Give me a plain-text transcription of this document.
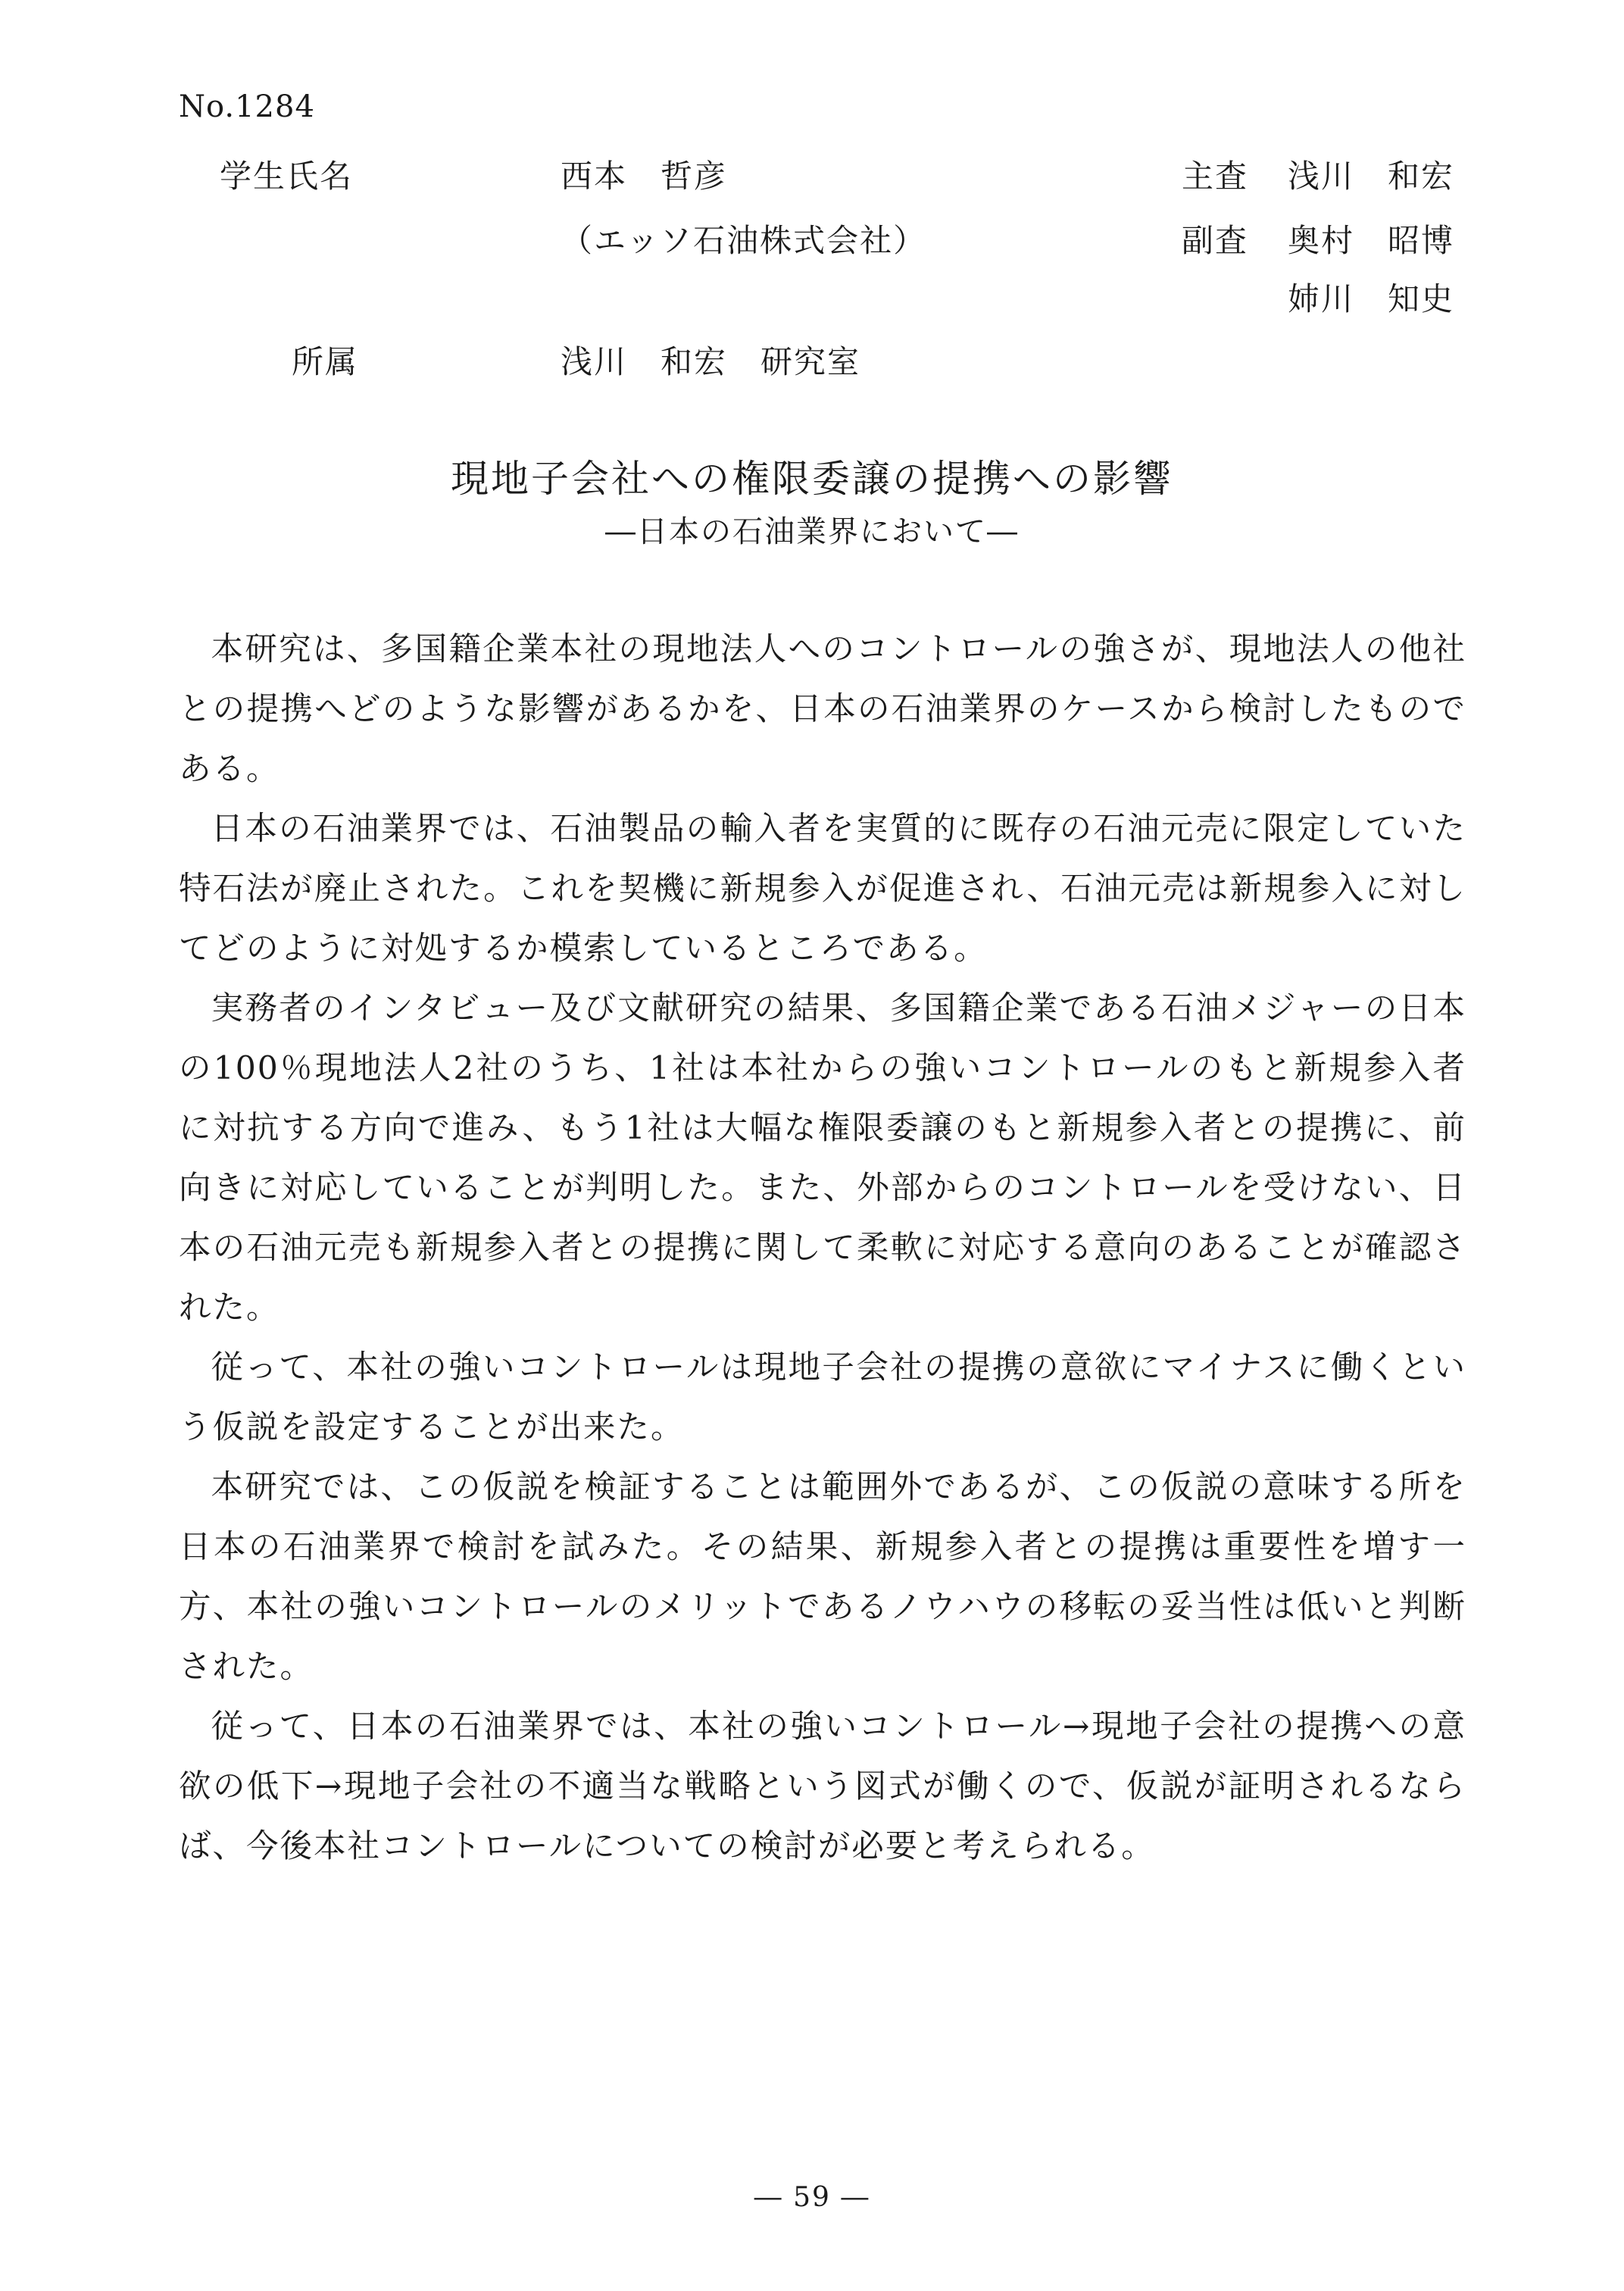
No.1284
学生氏名	西本　哲彦
（エッソ石油株式会社）
所属	浅川　和宏　研究室
主査 浅川　和宏
副査 奥村　昭博
姉川　知史
現地子会社への権限委譲の提携への影響
―日本の石油業界において―

本研究は、多国籍企業本社の現地法人へのコントロールの強さが、現地法人の他社との提携へどのような影響があるかを、日本の石油業界のケースから検討したものである。

日本の石油業界では、石油製品の輸入者を実質的に既存の石油元売に限定していた特石法が廃止された。これを契機に新規参入が促進され、石油元売は新規参入に対してどのように対処するか模索しているところである。

実務者のインタビュー及び文献研究の結果、多国籍企業である石油メジャーの日本の100％現地法人2社のうち、1社は本社からの強いコントロールのもと新規参入者に対抗する方向で進み、もう1社は大幅な権限委譲のもと新規参入者との提携に、前向きに対応していることが判明した。また、外部からのコントロールを受けない、日本の石油元売も新規参入者との提携に関して柔軟に対応する意向のあることが確認された。

従って、本社の強いコントロールは現地子会社の提携の意欲にマイナスに働くという仮説を設定することが出来た。

本研究では、この仮説を検証することは範囲外であるが、この仮説の意味する所を日本の石油業界で検討を試みた。その結果、新規参入者との提携は重要性を増す一方、本社の強いコントロールのメリットであるノウハウの移転の妥当性は低いと判断された。

従って、日本の石油業界では、本社の強いコントロール→現地子会社の提携への意欲の低下→現地子会社の不適当な戦略という図式が働くので、仮説が証明されるならば、今後本社コントロールについての検討が必要と考えられる。

― 59 ―
